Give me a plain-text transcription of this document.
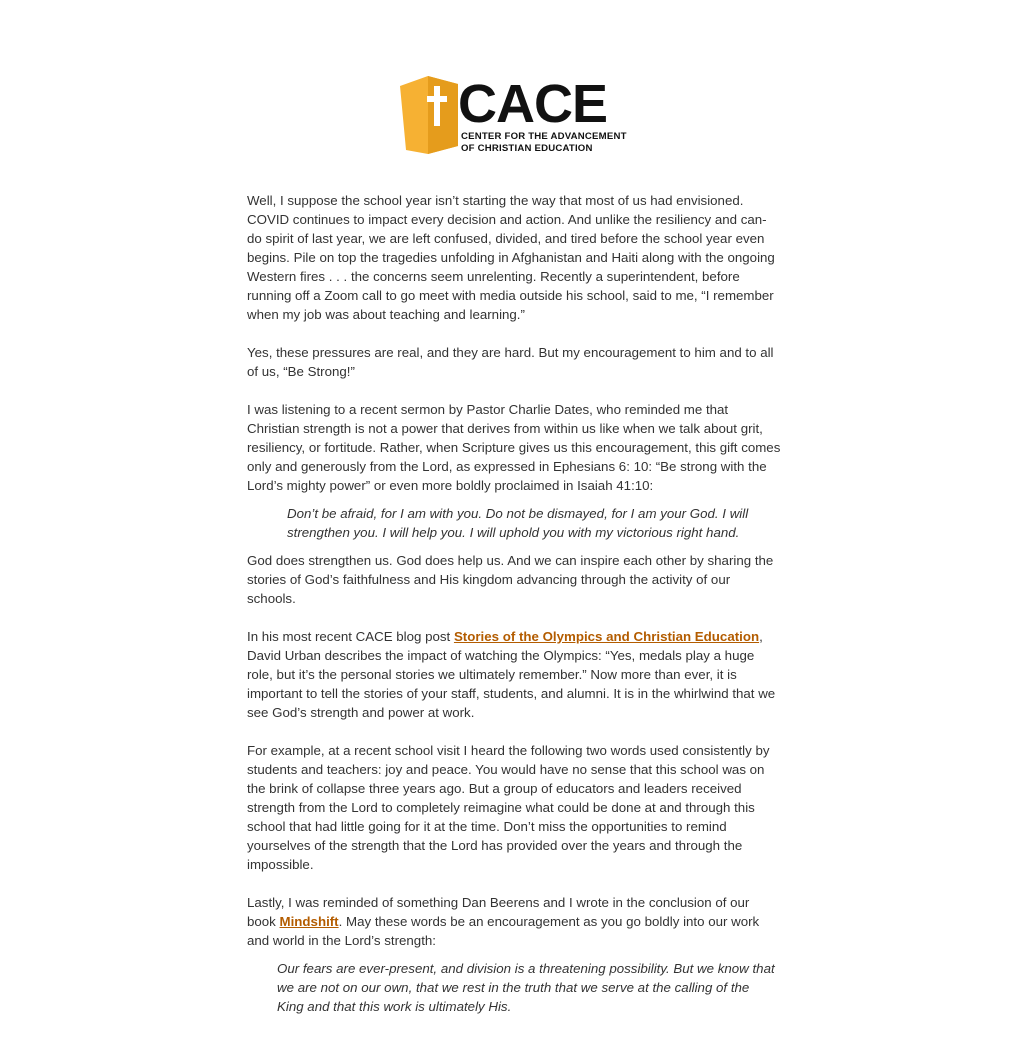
CACE
CENTER FOR THE ADVANCEMENT
OF CHRISTIAN EDUCATION

Well, I suppose the school year isn’t starting the way that most of us had envisioned. COVID continues to impact every decision and action. And unlike the resiliency and can-do spirit of last year, we are left confused, divided, and tired before the school year even begins. Pile on top the tragedies unfolding in Afghanistan and Haiti along with the ongoing Western fires . . . the concerns seem unrelenting. Recently a superintendent, before running off a Zoom call to go meet with media outside his school, said to me, “I remember when my job was about teaching and learning.”

Yes, these pressures are real, and they are hard. But my encouragement to him and to all of us, “Be Strong!”

I was listening to a recent sermon by Pastor Charlie Dates, who reminded me that Christian strength is not a power that derives from within us like when we talk about grit, resiliency, or fortitude. Rather, when Scripture gives us this encouragement, this gift comes only and generously from the Lord, as expressed in Ephesians 6: 10: “Be strong with the Lord’s mighty power” or even more boldly proclaimed in Isaiah 41:10:

Don’t be afraid, for I am with you. Do not be dismayed, for I am your God. I will strengthen you. I will help you. I will uphold you with my victorious right hand.

God does strengthen us. God does help us. And we can inspire each other by sharing the stories of God’s faithfulness and His kingdom advancing through the activity of our schools.

In his most recent CACE blog post Stories of the Olympics and Christian Education, David Urban describes the impact of watching the Olympics: “Yes, medals play a huge role, but it’s the personal stories we ultimately remember.” Now more than ever, it is important to tell the stories of your staff, students, and alumni. It is in the whirlwind that we see God’s strength and power at work.

For example, at a recent school visit I heard the following two words used consistently by students and teachers: joy and peace. You would have no sense that this school was on the brink of collapse three years ago. But a group of educators and leaders received strength from the Lord to completely reimagine what could be done at and through this school that had little going for it at the time. Don’t miss the opportunities to remind yourselves of the strength that the Lord has provided over the years and through the impossible.

Lastly, I was reminded of something Dan Beerens and I wrote in the conclusion of our book Mindshift. May these words be an encouragement as you go boldly into our work and world in the Lord’s strength:

Our fears are ever-present, and division is a threatening possibility. But we know that we are not on our own, that we rest in the truth that we serve at the calling of the King and that this work is ultimately His.
